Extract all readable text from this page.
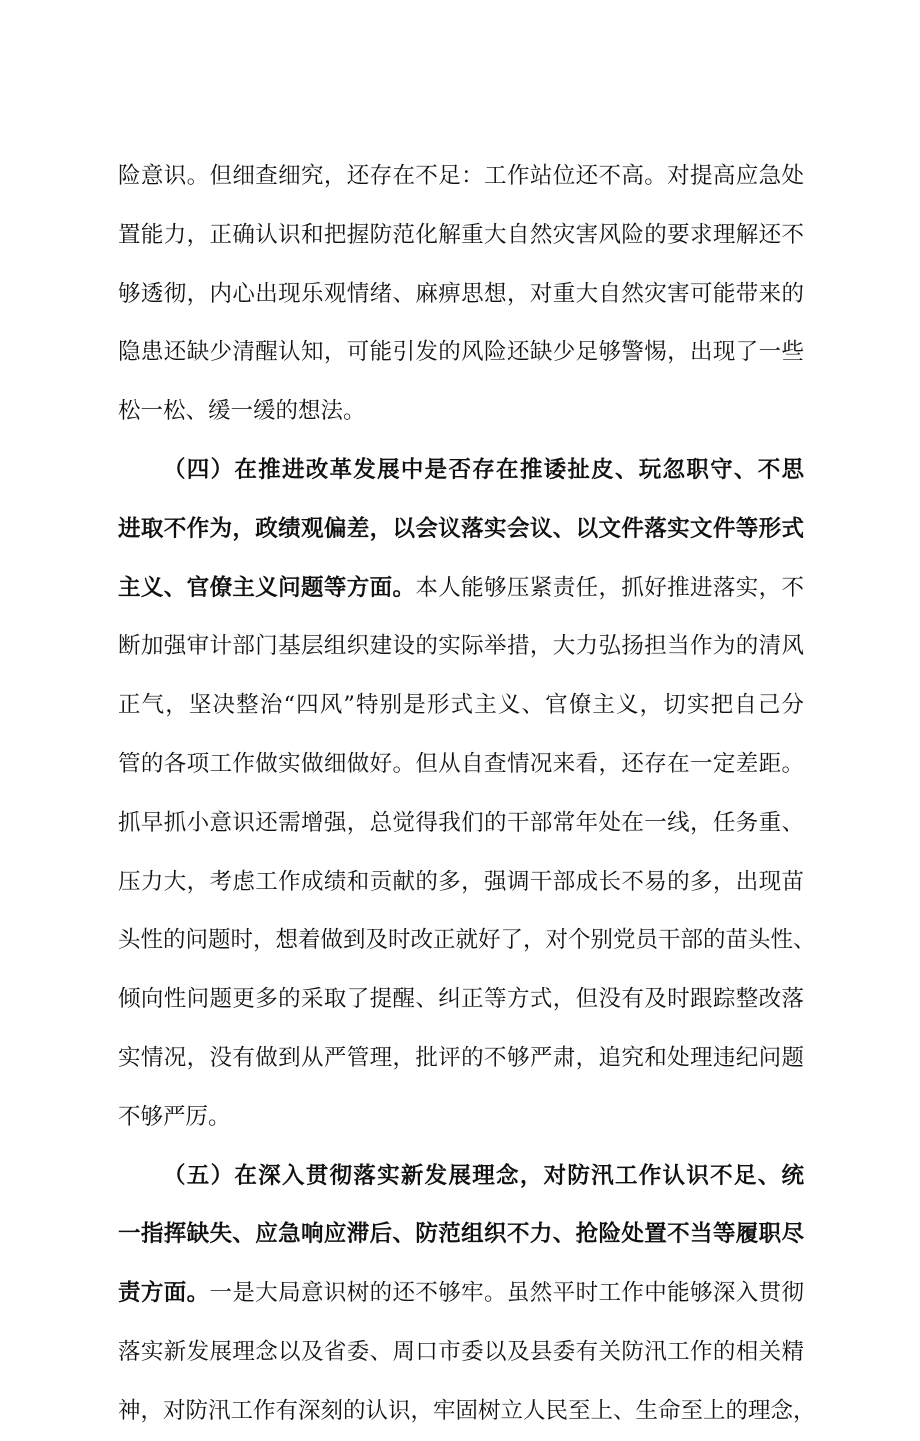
险意识。但细查细究，还存在不足：工作站位还不高。对提高应急处
置能力，正确认识和把握防范化解重大自然灾害风险的要求理解还不
够透彻，内心出现乐观情绪、麻痹思想，对重大自然灾害可能带来的
隐患还缺少清醒认知，可能引发的风险还缺少足够警惕，出现了一些
松一松、缓一缓的想法。
（四）在推进改革发展中是否存在推诿扯皮、玩忽职守、不思
进取不作为，政绩观偏差，以会议落实会议、以文件落实文件等形式
主义、官僚主义问题等方面。本人能够压紧责任，抓好推进落实，不
断加强审计部门基层组织建设的实际举措，大力弘扬担当作为的清风
正气，坚决整治“四风”特别是形式主义、官僚主义，切实把自己分
管的各项工作做实做细做好。但从自查情况来看，还存在一定差距。
抓早抓小意识还需增强，总觉得我们的干部常年处在一线，任务重、
压力大，考虑工作成绩和贡献的多，强调干部成长不易的多，出现苗
头性的问题时，想着做到及时改正就好了，对个别党员干部的苗头性、
倾向性问题更多的采取了提醒、纠正等方式，但没有及时跟踪整改落
实情况，没有做到从严管理，批评的不够严肃，追究和处理违纪问题
不够严厉。
（五）在深入贯彻落实新发展理念，对防汛工作认识不足、统
一指挥缺失、应急响应滞后、防范组织不力、抢险处置不当等履职尽
责方面。一是大局意识树的还不够牢。虽然平时工作中能够深入贯彻
落实新发展理念以及省委、周口市委以及县委有关防汛工作的相关精
神，对防汛工作有深刻的认识，牢固树立人民至上、生命至上的理念，
